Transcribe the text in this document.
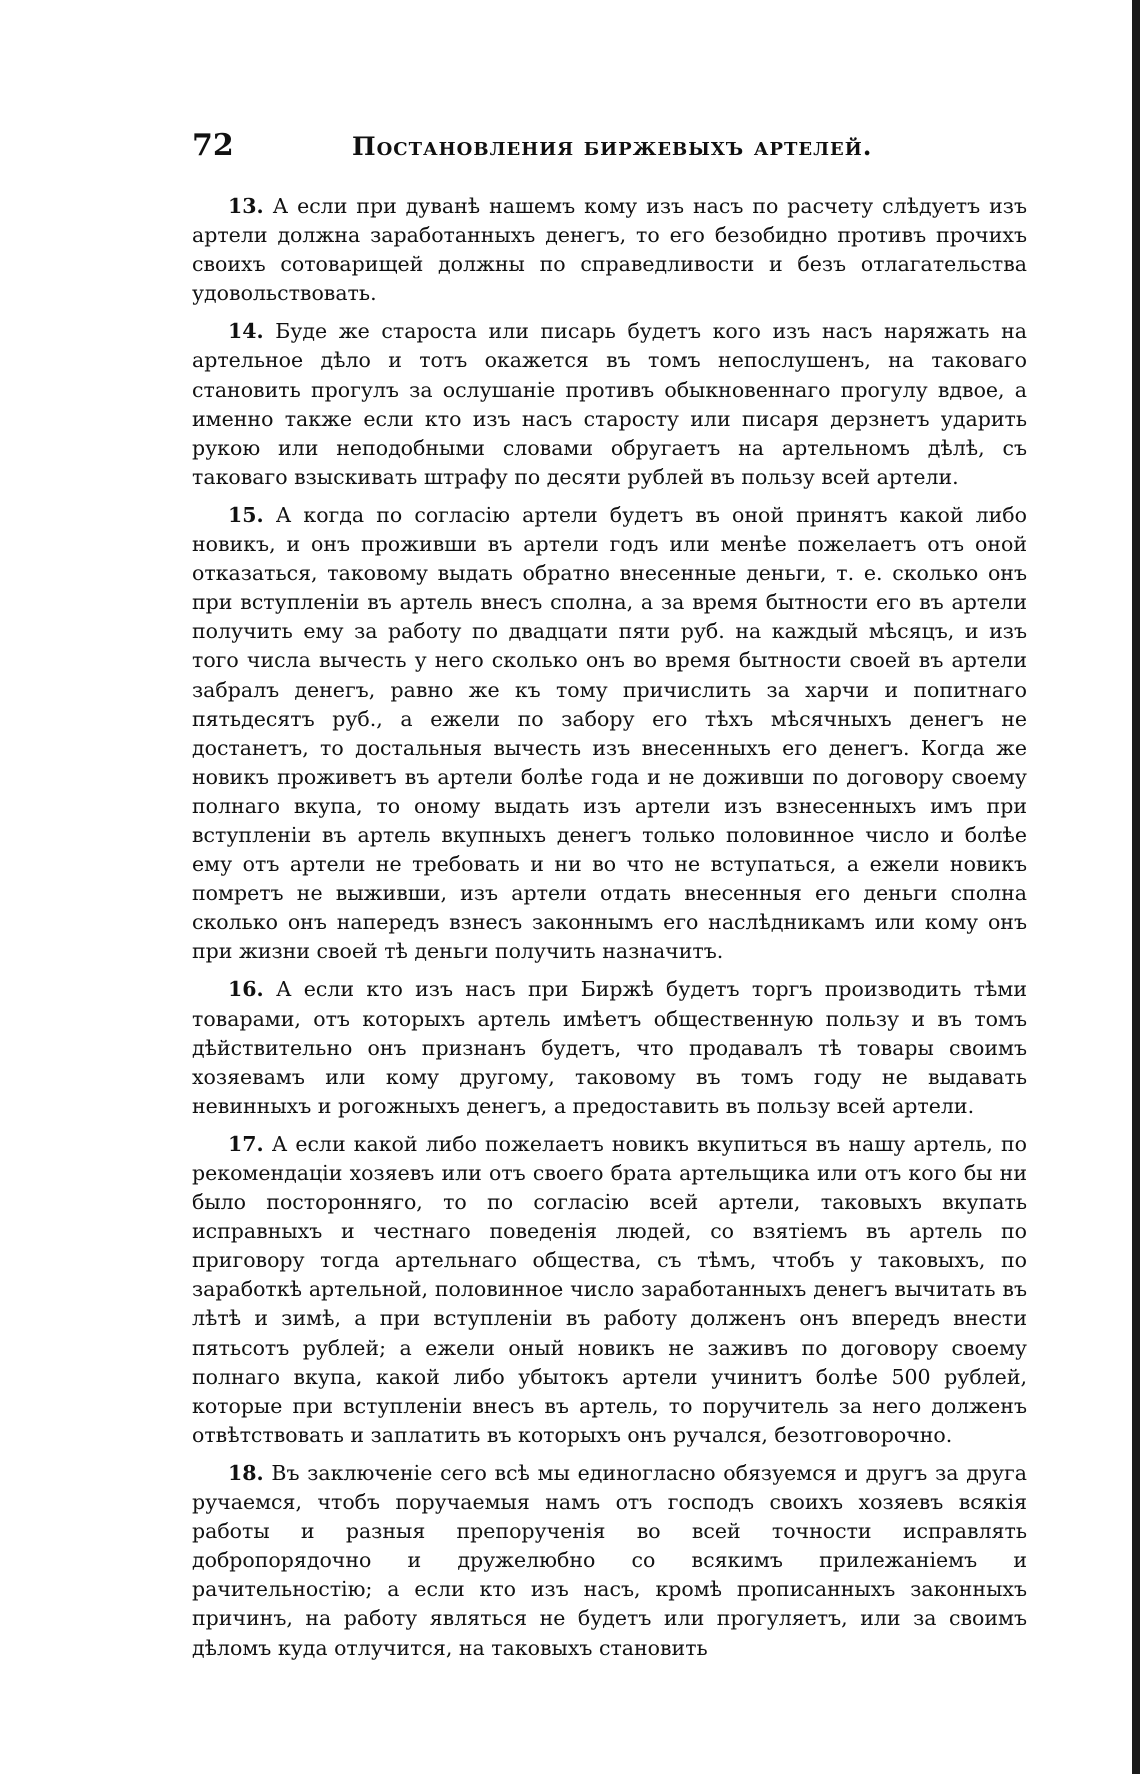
72	Постановления биржевыхъ артелей.

13. А если при дуванѣ нашемъ кому изъ насъ по расчету слѣдуетъ изъ артели должна заработанныхъ денегъ, то его безобидно противъ прочихъ своихъ сотоварищей должны по справедливости и безъ отлагательства удовольствовать.

14. Буде же староста или писарь будетъ кого изъ насъ наряжать на артельное дѣло и тотъ окажется въ томъ непослушенъ, на таковаго становить прогулъ за ослушаніе противъ обыкновеннаго прогулу вдвое, а именно также если кто изъ насъ старосту или писаря дерзнетъ ударить рукою или неподобными словами обругаетъ на артельномъ дѣлѣ, съ таковаго взыскивать штрафу по десяти рублей въ пользу всей артели.

15. А когда по согласію артели будетъ въ оной принятъ какой либо новикъ, и онъ проживши въ артели годъ или менѣе пожелаетъ отъ оной отказаться, таковому выдать обратно внесенные деньги, т. е. сколько онъ при вступленіи въ артель внесъ сполна, а за время бытности его въ артели получить ему за работу по двадцати пяти руб. на каждый мѣсяцъ, и изъ того числа вычесть у него сколько онъ во время бытности своей въ артели забралъ денегъ, равно же къ тому причислить за харчи и попитнаго пятьдесятъ руб., а ежели по забору его тѣхъ мѣсячныхъ денегъ не достанетъ, то достальныя вычесть изъ внесенныхъ его денегъ. Когда же новикъ проживетъ въ артели болѣе года и не доживши по договору своему полнаго вкупа, то оному выдать изъ артели изъ взнесенныхъ имъ при вступленіи въ артель вкупныхъ денегъ только половинное число и болѣе ему отъ артели не требовать и ни во что не вступаться, а ежели новикъ помретъ не выживши, изъ артели отдать внесенныя его деньги сполна сколько онъ напередъ взнесъ законнымъ его наслѣдникамъ или кому онъ при жизни своей тѣ деньги получить назначитъ.

16. А если кто изъ насъ при Биржѣ будетъ торгъ производить тѣми товарами, отъ которыхъ артель имѣетъ общественную пользу и въ томъ дѣйствительно онъ признанъ будетъ, что продавалъ тѣ товары своимъ хозяевамъ или кому другому, таковому въ томъ году не выдавать невинныхъ и рогожныхъ денегъ, а предоставить въ пользу всей артели.

17. А если какой либо пожелаетъ новикъ вкупиться въ нашу артель, по рекомендаціи хозяевъ или отъ своего брата артельщика или отъ кого бы ни было посторонняго, то по согласію всей артели, таковыхъ вкупать исправныхъ и честнаго поведенія людей, со взятіемъ въ артель по приговору тогда артельнаго общества, съ тѣмъ, чтобъ у таковыхъ, по заработкѣ артельной, половинное число заработанныхъ денегъ вычитать въ лѣтѣ и зимѣ, а при вступленіи въ работу долженъ онъ впередъ внести пятьсотъ рублей; а ежели оный новикъ не заживъ по договору своему полнаго вкупа, какой либо убытокъ артели учинитъ болѣе 500 рублей, которые при вступленіи внесъ въ артель, то поручитель за него долженъ отвѣтствовать и заплатить въ которыхъ онъ ручался, безотговорочно.

18. Въ заключеніе сего всѣ мы единогласно обязуемся и другъ за друга ручаемся, чтобъ поручаемыя намъ отъ господъ своихъ хозяевъ всякія работы и разныя препорученія во всей точности исправлять добропорядочно и дружелюбно со всякимъ прилежаніемъ и рачительностію; а если кто изъ насъ, кромѣ прописанныхъ законныхъ причинъ, на работу являться не будетъ или прогуляетъ, или за своимъ дѣломъ куда отлучится, на таковыхъ становить
